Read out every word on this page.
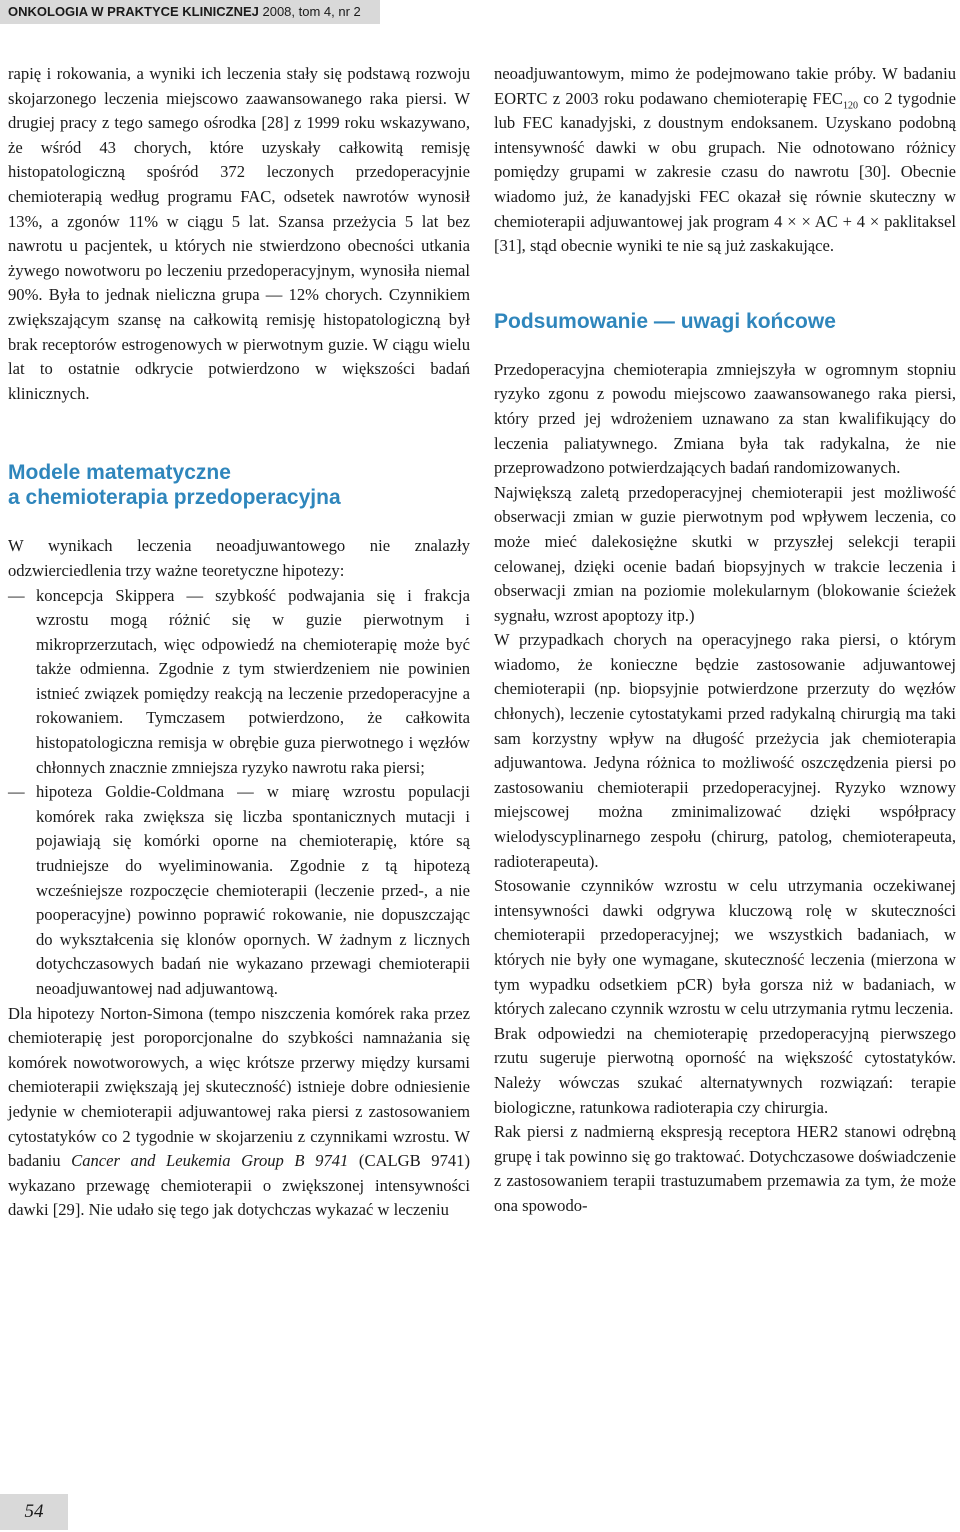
ONKOLOGIA W PRAKTYCE KLINICZNEJ 2008, tom 4, nr 2

rapię i rokowania, a wyniki ich leczenia stały się podstawą rozwoju skojarzonego leczenia miejscowo zaawansowanego raka piersi. W drugiej pracy z tego samego ośrodka [28] z 1999 roku wskazywano, że wśród 43 chorych, które uzyskały całkowitą remisję histopatologiczną spośród 372 leczonych przedoperacyjnie chemioterapią według programu FAC, odsetek nawrotów wynosił 13%, a zgonów 11% w ciągu 5 lat. Szansa przeżycia 5 lat bez nawrotu u pacjentek, u których nie stwierdzono obecności utkania żywego nowotworu po leczeniu przedoperacyjnym, wynosiła niemal 90%. Była to jednak nieliczna grupa — 12% chorych. Czynnikiem zwiększającym szansę na całkowitą remisję histopatologiczną był brak receptorów estrogenowych w pierwotnym guzie. W ciągu wielu lat to ostatnie odkrycie potwierdzono w większości badań klinicznych.

Modele matematyczne
a chemioterapia przedoperacyjna

W wynikach leczenia neoadjuwantowego nie znalazły odzwierciedlenia trzy ważne teoretyczne hipotezy:

— koncepcja Skippera — szybkość podwajania się i frakcja wzrostu mogą różnić się w guzie pierwotnym i mikroprzerzutach, więc odpowiedź na chemioterapię może być także odmienna. Zgodnie z tym stwierdzeniem nie powinien istnieć związek pomiędzy reakcją na leczenie przedoperacyjne a rokowaniem. Tymczasem potwierdzono, że całkowita histopatologiczna remisja w obrębie guza pierwotnego i węzłów chłonnych znacznie zmniejsza ryzyko nawrotu raka piersi;
— hipoteza Goldie-Coldmana — w miarę wzrostu populacji komórek raka zwiększa się liczba spontanicznych mutacji i pojawiają się komórki oporne na chemioterapię, które są trudniejsze do wyeliminowania. Zgodnie z tą hipotezą wcześniejsze rozpoczęcie chemioterapii (leczenie przed-, a nie pooperacyjne) powinno poprawić rokowanie, nie dopuszczając do wykształcenia się klonów opornych. W żadnym z licznych dotychczasowych badań nie wykazano przewagi chemioterapii neoadjuwantowej nad adjuwantową.

Dla hipotezy Norton-Simona (tempo niszczenia komórek raka przez chemioterapię jest poroporcjonalne do szybkości namnażania się komórek nowotworowych, a więc krótsze przerwy między kursami chemioterapii zwiększają jej skuteczność) istnieje dobre odniesienie jedynie w chemioterapii adjuwantowej raka piersi z zastosowaniem cytostatyków co 2 tygodnie w skojarzeniu z czynnikami wzrostu. W badaniu Cancer and Leukemia Group B 9741 (CALGB 9741) wykazano przewagę chemioterapii o zwiększonej intensywności dawki [29]. Nie udało się tego jak dotychczas wykazać w leczeniu

neoadjuwantowym, mimo że podejmowano takie próby. W badaniu EORTC z 2003 roku podawano chemioterapię $FEC_{120}$ co 2 tygodnie lub FEC kanadyjski, z doustnym endoksanem. Uzyskano podobną intensywność dawki w obu grupach. Nie odnotowano różnicy pomiędzy grupami w zakresie czasu do nawrotu [30]. Obecnie wiadomo już, że kanadyjski FEC okazał się równie skuteczny w chemioterapii adjuwantowej jak program 4 × × AC + 4 × paklitaksel [31], stąd obecnie wyniki te nie są już zaskakujące.

Podsumowanie — uwagi końcowe

Przedoperacyjna chemioterapia zmniejszyła w ogromnym stopniu ryzyko zgonu z powodu miejscowo zaawansowanego raka piersi, który przed jej wdrożeniem uznawano za stan kwalifikujący do leczenia paliatywnego. Zmiana była tak radykalna, że nie przeprowadzono potwierdzających badań randomizowanych.

Największą zaletą przedoperacyjnej chemioterapii jest możliwość obserwacji zmian w guzie pierwotnym pod wpływem leczenia, co może mieć dalekosiężne skutki w przyszłej selekcji terapii celowanej, dzięki ocenie badań biopsyjnych w trakcie leczenia i obserwacji zmian na poziomie molekularnym (blokowanie ścieżek sygnału, wzrost apoptozy itp.)

W przypadkach chorych na operacyjnego raka piersi, o którym wiadomo, że konieczne będzie zastosowanie adjuwantowej chemioterapii (np. biopsyjnie potwierdzone przerzuty do węzłów chłonych), leczenie cytostatykami przed radykalną chirurgią ma taki sam korzystny wpływ na długość przeżycia jak chemioterapia adjuwantowa. Jedyna różnica to możliwość oszczędzenia piersi po zastosowaniu chemioterapii przedoperacyjnej. Ryzyko wznowy miejscowej można zminimalizować dzięki współpracy wielodyscyplinarnego zespołu (chirurg, patolog, chemioterapeuta, radioterapeuta).

Stosowanie czynników wzrostu w celu utrzymania oczekiwanej intensywności dawki odgrywa kluczową rolę w skuteczności chemioterapii przedoperacyjnej; we wszystkich badaniach, w których nie były one wymagane, skuteczność leczenia (mierzona w tym wypadku odsetkiem pCR) była gorsza niż w badaniach, w których zalecano czynnik wzrostu w celu utrzymania rytmu leczenia.

Brak odpowiedzi na chemioterapię przedoperacyjną pierwszego rzutu sugeruje pierwotną oporność na większość cytostatyków. Należy wówczas szukać alternatywnych rozwiązań: terapie biologiczne, ratunkowa radioterapia czy chirurgia.

Rak piersi z nadmierną ekspresją receptora HER2 stanowi odrębną grupę i tak powinno się go traktować. Dotychczasowe doświadczenie z zastosowaniem terapii trastuzumabem przemawia za tym, że może ona spowodo-

54
